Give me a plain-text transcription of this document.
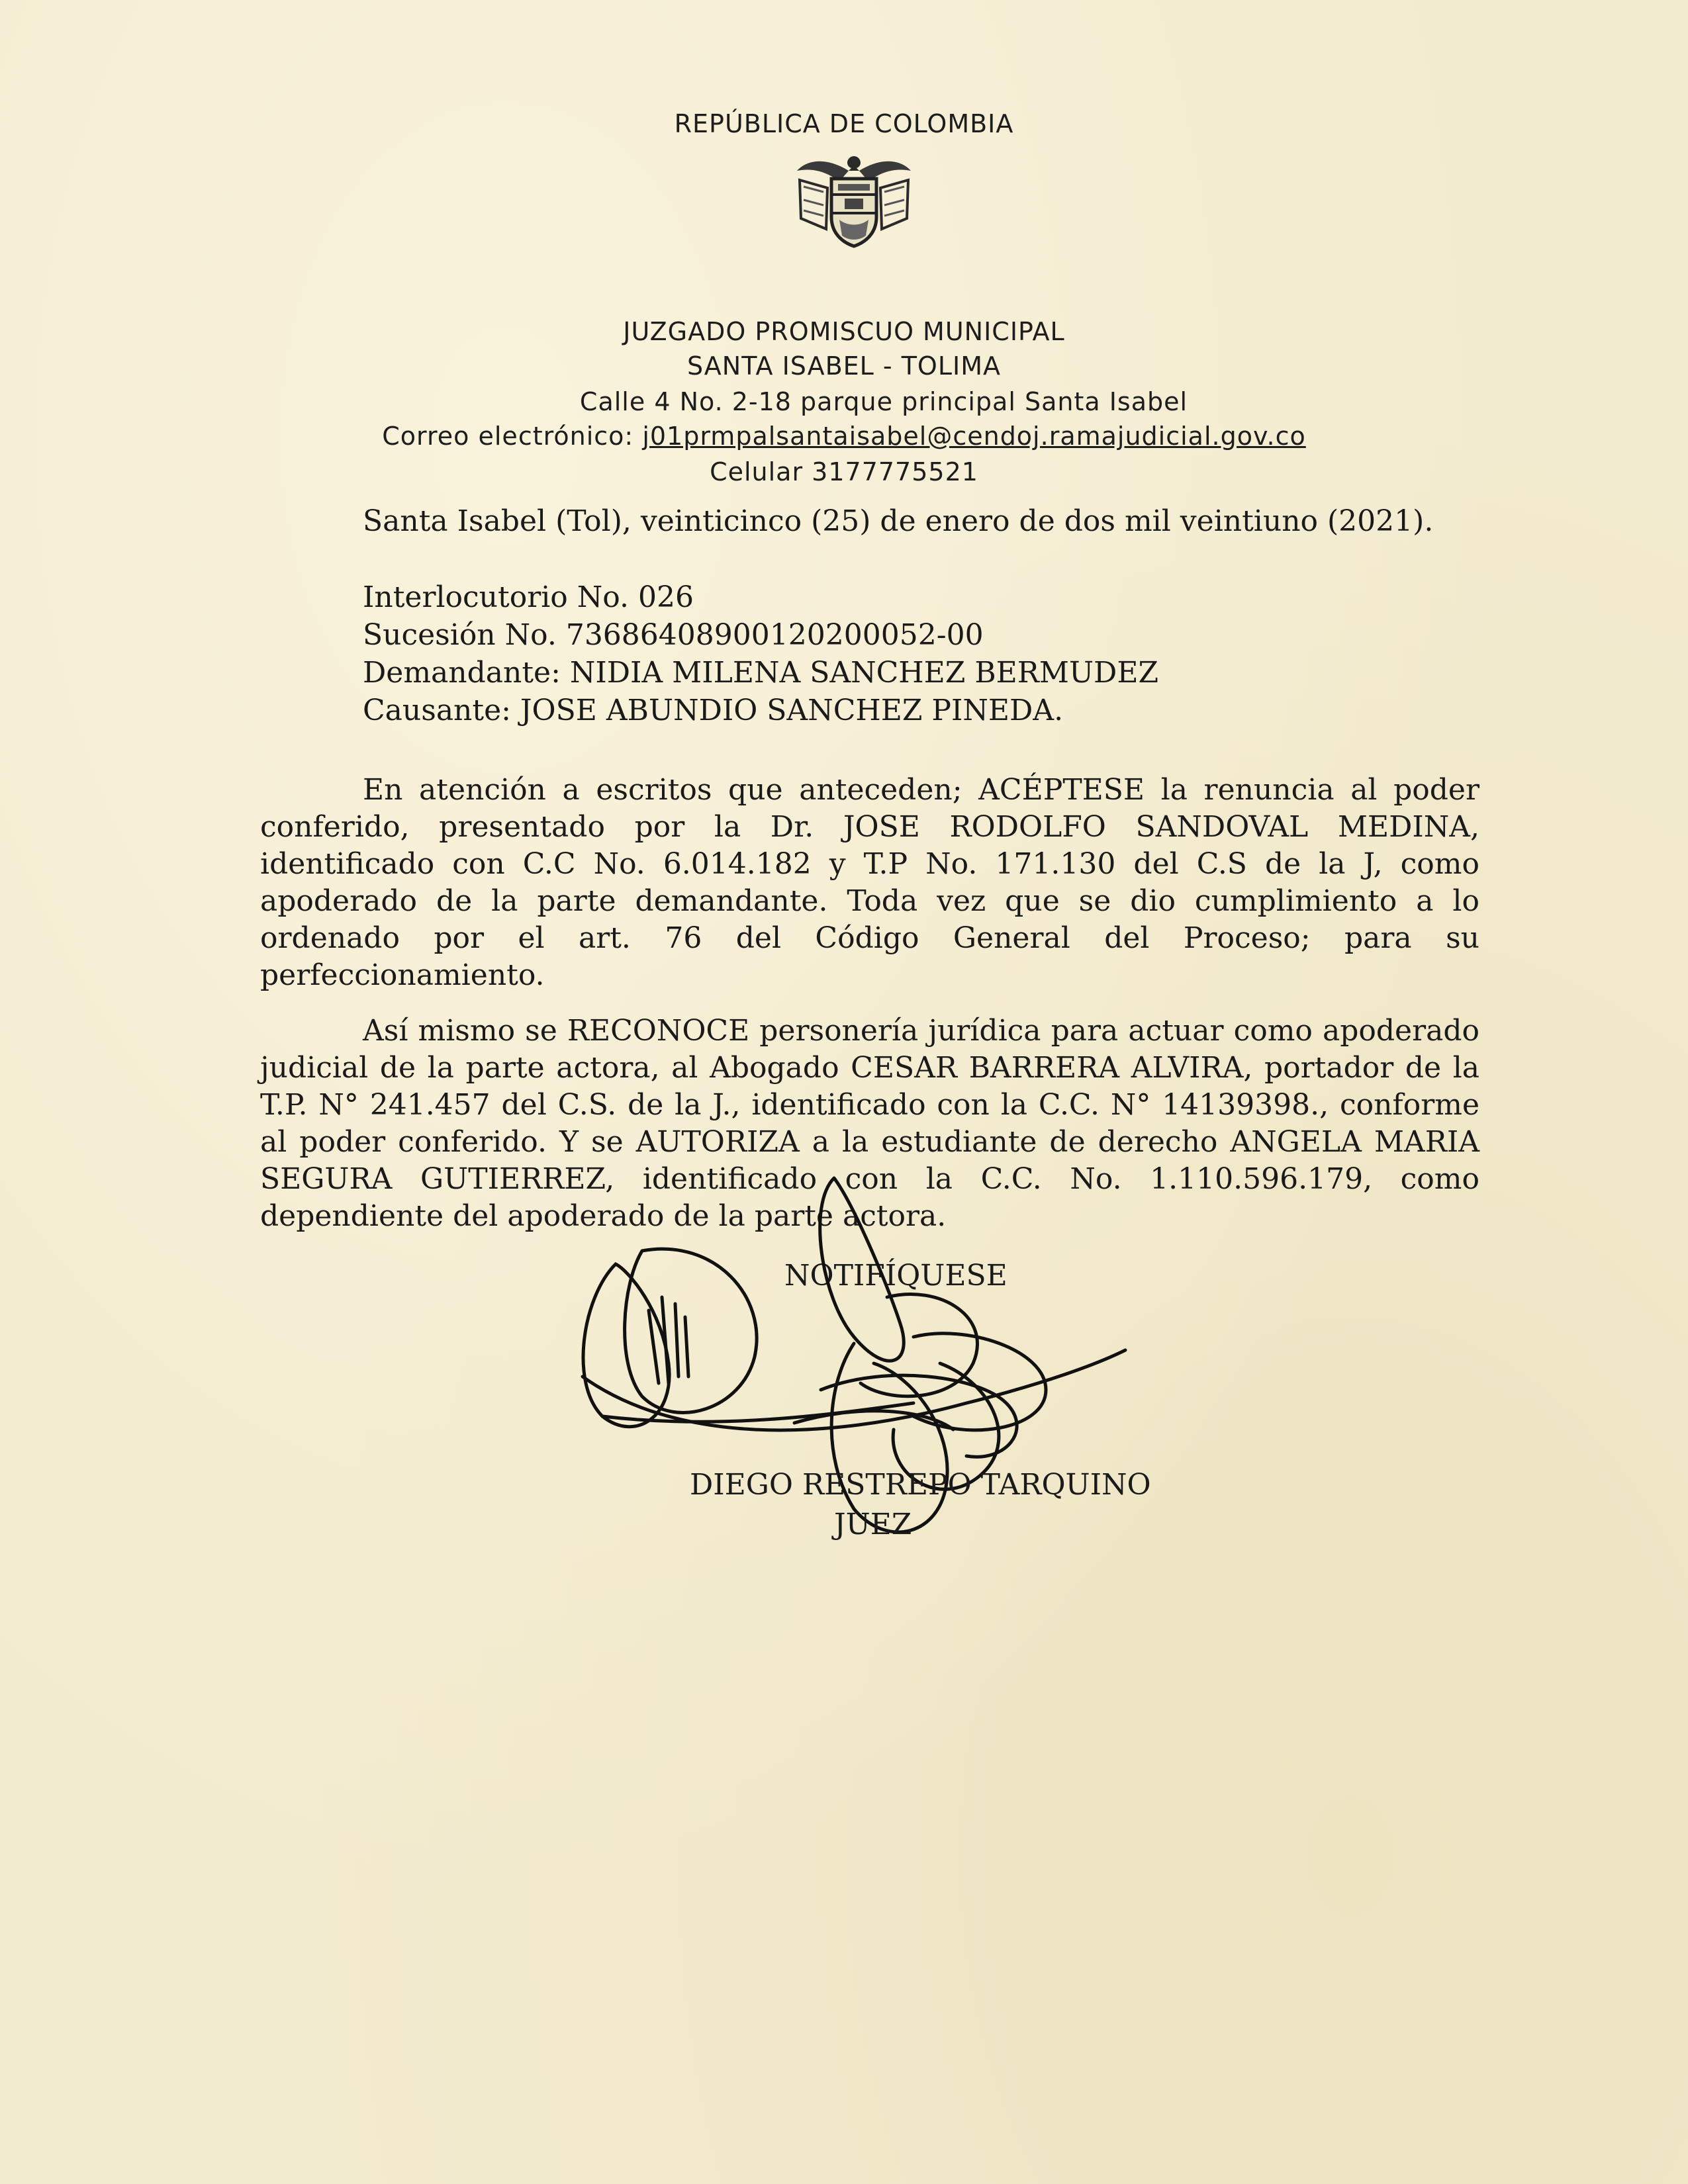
REPÚBLICA DE COLOMBIA
JUZGADO PROMISCUO MUNICIPAL
SANTA ISABEL - TOLIMA
Calle 4 No. 2-18 parque principal Santa Isabel
Correo electrónico: j01prmpalsantaisabel@cendoj.ramajudicial.gov.co
Celular 3177775521
Santa Isabel (Tol), veinticinco (25) de enero de dos mil veintiuno (2021).
Interlocutorio No. 026
Sucesión No. 73686408900120200052-00
Demandante: NIDIA MILENA SANCHEZ BERMUDEZ
Causante: JOSE ABUNDIO SANCHEZ PINEDA.

En atención a escritos que anteceden; ACÉPTESE la renuncia al poder conferido, presentado por la Dr. JOSE RODOLFO SANDOVAL MEDINA, identificado con C.C No. 6.014.182 y T.P No. 171.130 del C.S de la J, como apoderado de la parte demandante. Toda vez que se dio cumplimiento a lo ordenado por el art. 76 del Código General del Proceso; para su perfeccionamiento.

Así mismo se RECONOCE personería jurídica para actuar como apoderado judicial de la parte actora, al Abogado CESAR BARRERA ALVIRA, portador de la T.P. N° 241.457 del C.S. de la J., identificado con la C.C. N° 14139398., conforme al poder conferido. Y se AUTORIZA a la estudiante de derecho ANGELA MARIA SEGURA GUTIERREZ, identificado con la C.C. No. 1.110.596.179, como dependiente del apoderado de la parte actora.

NOTIFÍQUESE
DIEGO RESTREPO TARQUINO
JUEZ
